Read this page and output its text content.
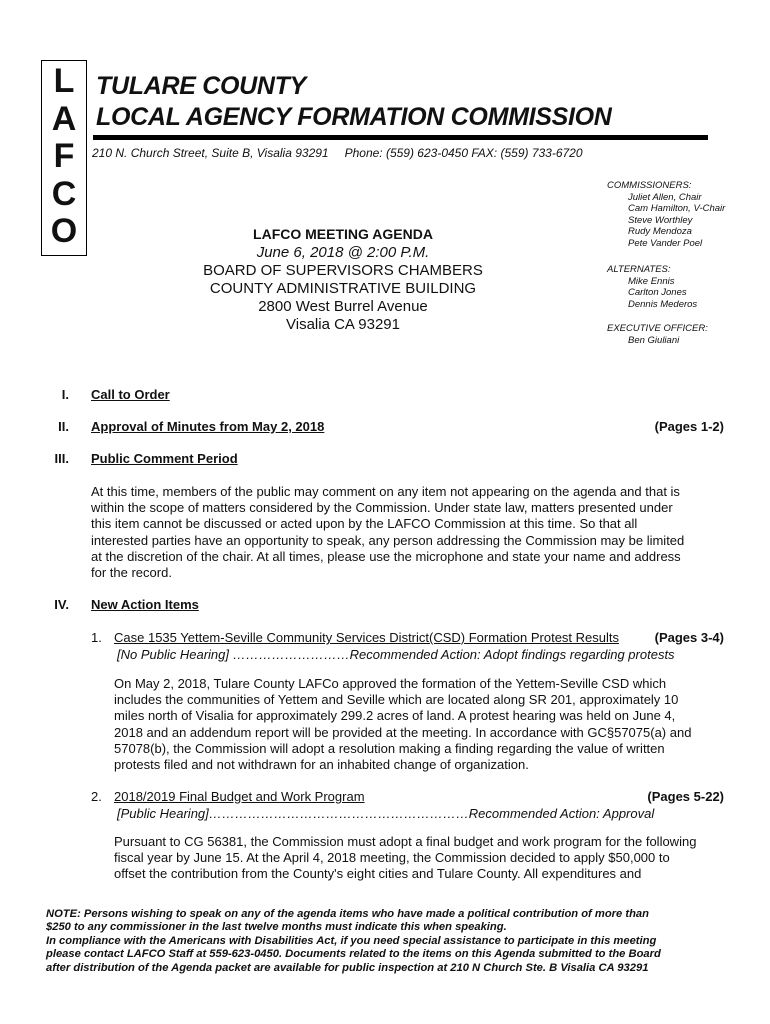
L
A
F
C
O
TULARE COUNTY
LOCAL AGENCY FORMATION COMMISSION
210 N. Church Street, Suite B, Visalia 93291 Phone: (559) 623-0450 FAX: (559) 733-6720
LAFCO MEETING AGENDA
June 6, 2018 @ 2:00 P.M.
BOARD OF SUPERVISORS CHAMBERS
COUNTY ADMINISTRATIVE BUILDING
2800 West Burrel Avenue
Visalia CA 93291
COMMISSIONERS:
Juliet Allen, Chair
Cam Hamilton, V-Chair
Steve Worthley
Rudy Mendoza
Pete Vander Poel
ALTERNATES:
Mike Ennis
Carlton Jones
Dennis Mederos
EXECUTIVE OFFICER:
Ben Giuliani
I. Call to Order
II. Approval of Minutes from May 2, 2018	(Pages 1-2)
III. Public Comment Period
At this time, members of the public may comment on any item not appearing on the agenda and that is
within the scope of matters considered by the Commission. Under state law, matters presented under
this item cannot be discussed or acted upon by the LAFCO Commission at this time. So that all
interested parties have an opportunity to speak, any person addressing the Commission may be limited
at the discretion of the chair. At all times, please use the microphone and state your name and address
for the record.
IV. New Action Items
1. Case 1535 Yettem-Seville Community Services District(CSD) Formation Protest Results	(Pages 3-4)
[No Public Hearing] ………………………Recommended Action: Adopt findings regarding protests
On May 2, 2018, Tulare County LAFCo approved the formation of the Yettem-Seville CSD which
includes the communities of Yettem and Seville which are located along SR 201, approximately 10
miles north of Visalia for approximately 299.2 acres of land. A protest hearing was held on June 4,
2018 and an addendum report will be provided at the meeting. In accordance with GC§57075(a) and
57078(b), the Commission will adopt a resolution making a finding regarding the value of written
protests filed and not withdrawn for an inhabited change of organization.
2. 2018/2019 Final Budget and Work Program	(Pages 5-22)
[Public Hearing]……………………………………………………Recommended Action: Approval
Pursuant to CG 56381, the Commission must adopt a final budget and work program for the following
fiscal year by June 15. At the April 4, 2018 meeting, the Commission decided to apply $50,000 to
offset the contribution from the County's eight cities and Tulare County. All expenditures and
NOTE: Persons wishing to speak on any of the agenda items who have made a political contribution of more than
$250 to any commissioner in the last twelve months must indicate this when speaking.
In compliance with the Americans with Disabilities Act, if you need special assistance to participate in this meeting
please contact LAFCO Staff at 559-623-0450. Documents related to the items on this Agenda submitted to the Board
after distribution of the Agenda packet are available for public inspection at 210 N Church Ste. B Visalia CA 93291
